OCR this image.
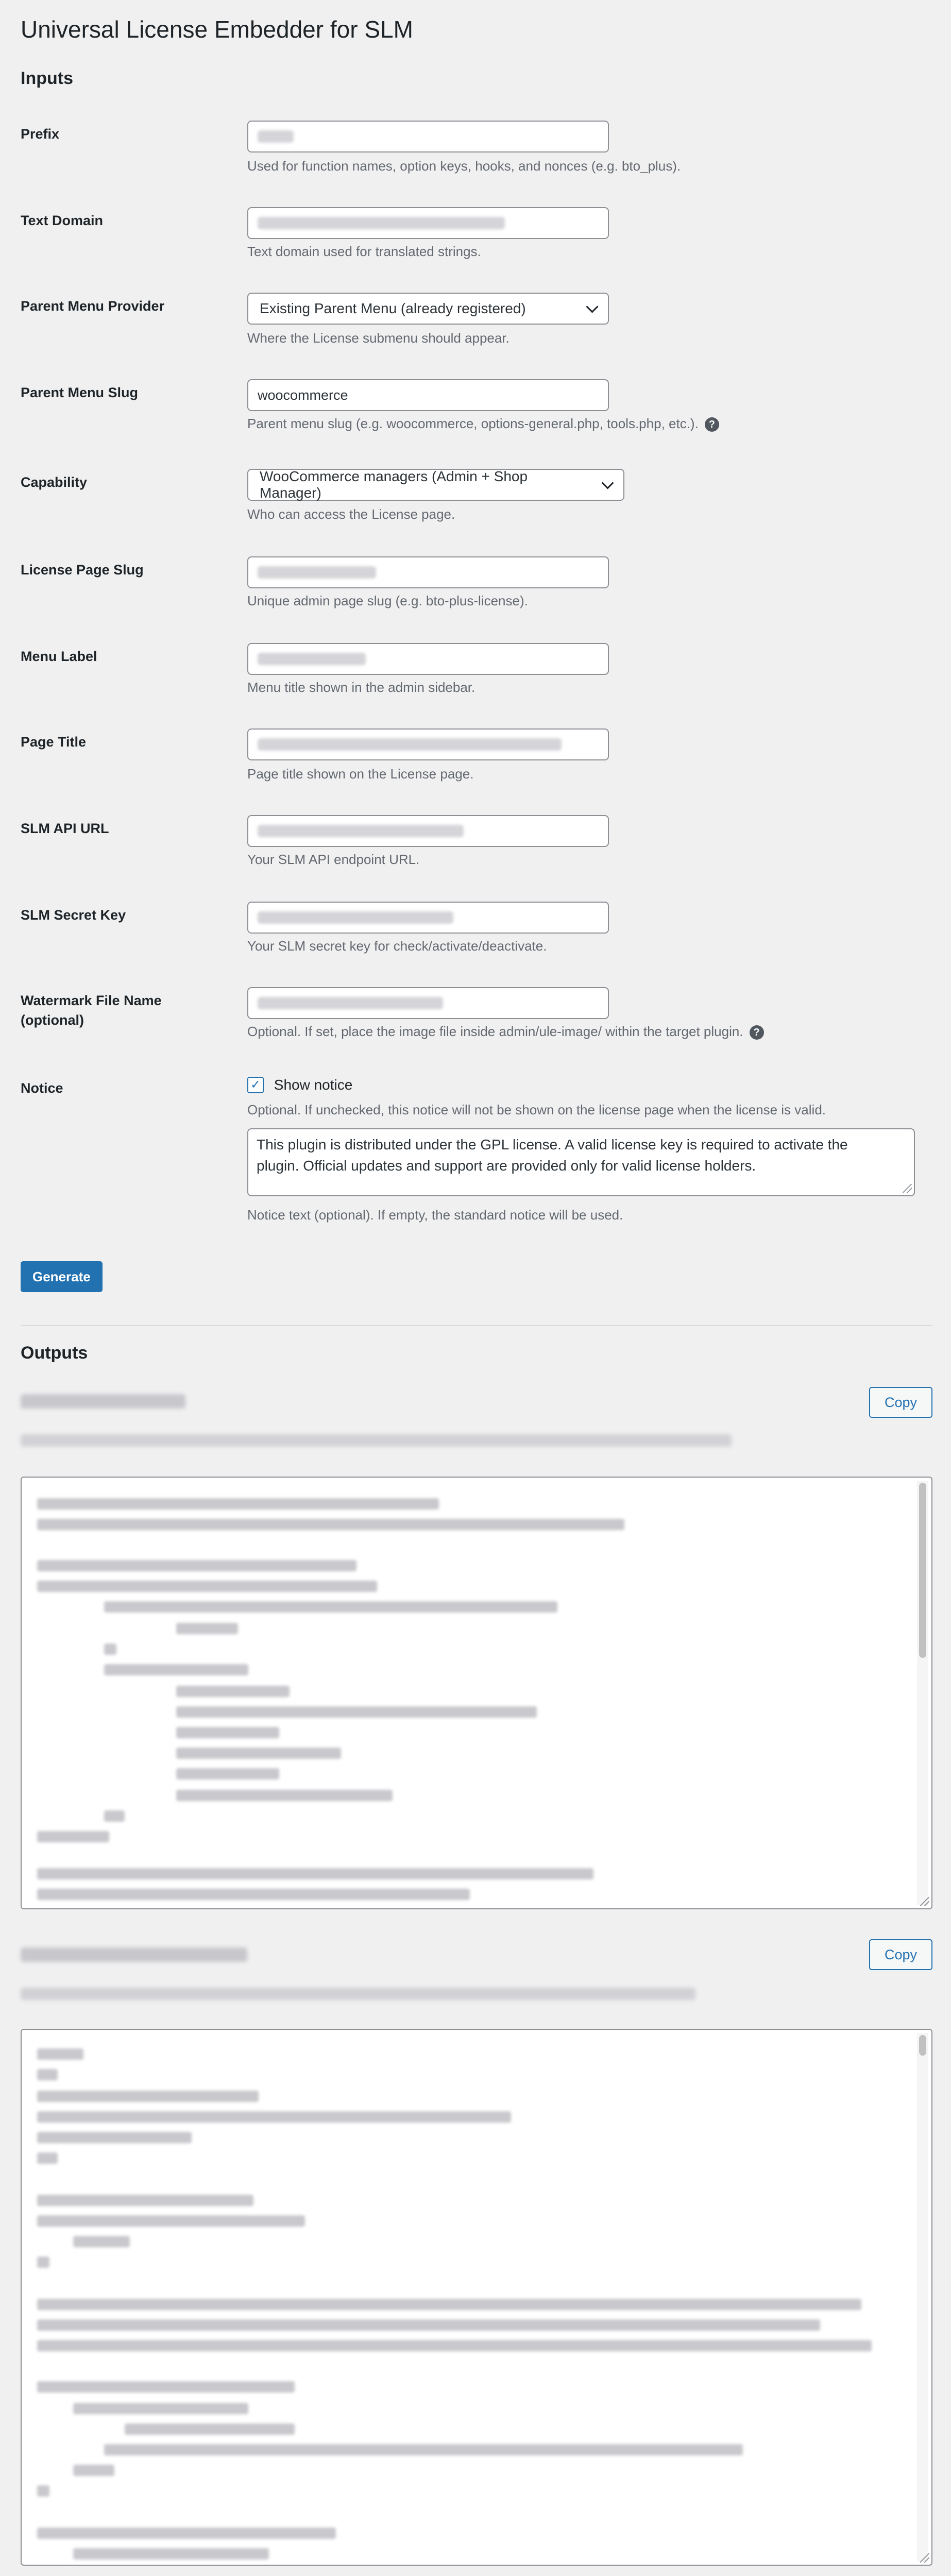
Universal License Embedder for SLM
Inputs
Prefix
Used for function names, option keys, hooks, and nonces (e.g. bto_plus).
Text Domain
Text domain used for translated strings.
Parent Menu Provider	Existing Parent Menu (already registered)
Where the License submenu should appear.
Parent Menu Slug	woocommerce
Parent menu slug (e.g. woocommerce, options-general.php, tools.php, etc.). ?
Capability	WooCommerce managers (Admin + Shop Manager)
Who can access the License page.
License Page Slug
Unique admin page slug (e.g. bto-plus-license).
Menu Label
Menu title shown in the admin sidebar.
Page Title
Page title shown on the License page.
SLM API URL
Your SLM API endpoint URL.
SLM Secret Key
Your SLM secret key for check/activate/deactivate.
Watermark File Name
(optional)
Optional. If set, place the image file inside admin/ule-image/ within the target plugin. ?
Notice	✓ Show notice
Optional. If unchecked, this notice will not be shown on the license page when the license is valid.
This plugin is distributed under the GPL license. A valid license key is required to activate the
plugin. Official updates and support are provided only for valid license holders.
Notice text (optional). If empty, the standard notice will be used.
Generate
Outputs
Copy
Copy
